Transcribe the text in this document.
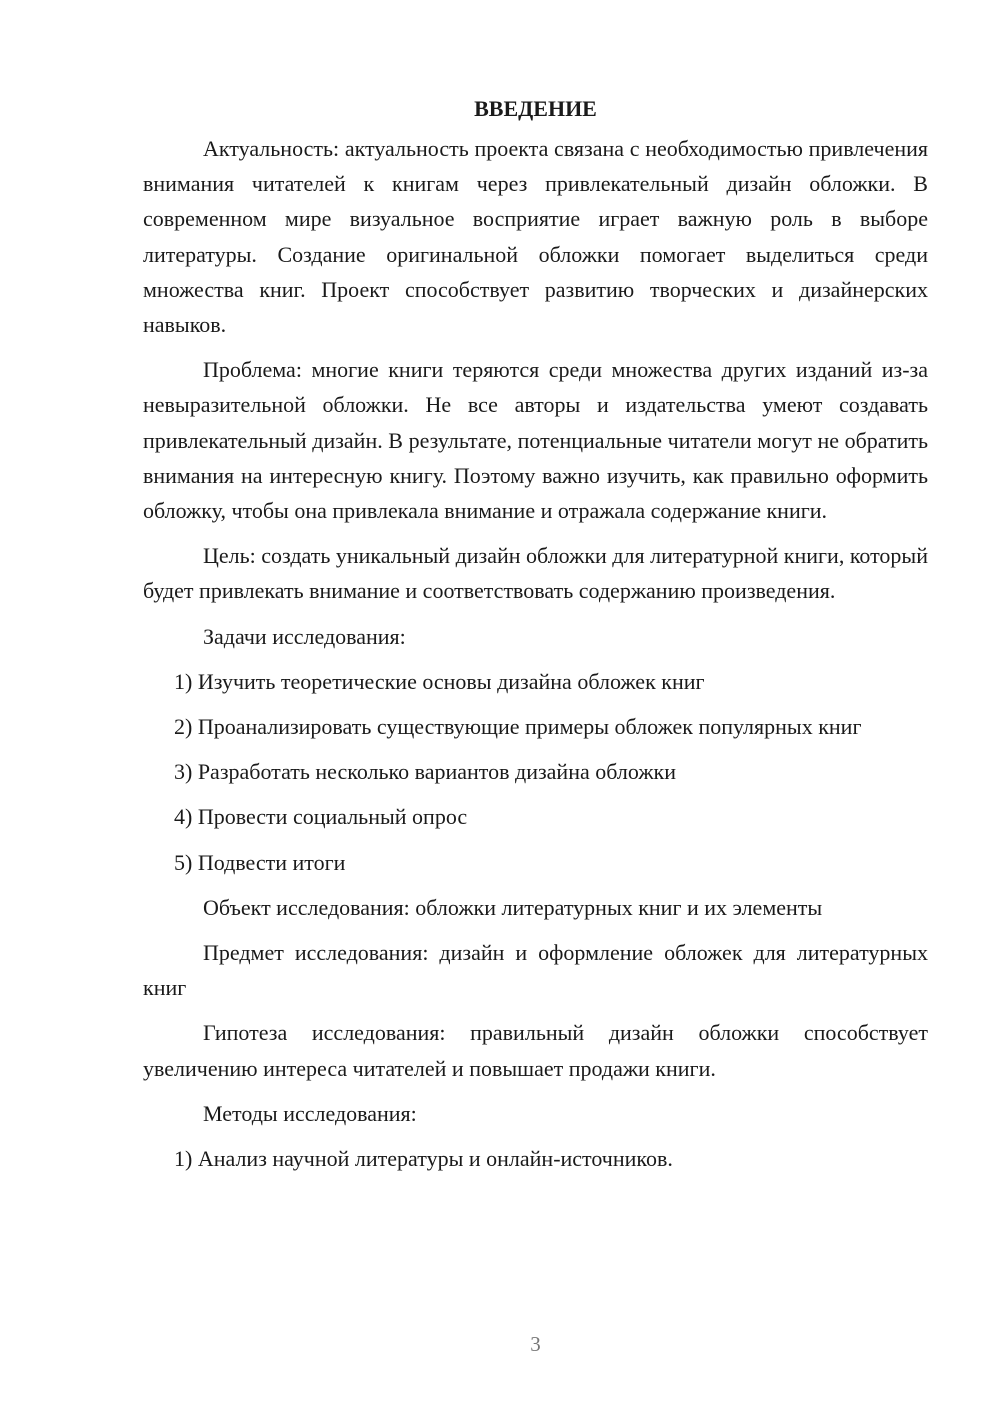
ВВЕДЕНИЕ

Актуальность: актуальность проекта связана с необходимостью привлечения внимания читателей к книгам через привлекательный дизайн обложки. В современном мире визуальное восприятие играет важную роль в выборе литературы. Создание оригинальной обложки помогает выделиться среди множества книг. Проект способствует развитию творческих и дизайнерских навыков.

Проблема: многие книги теряются среди множества других изданий из-за невыразительной обложки. Не все авторы и издательства умеют создавать привлекательный дизайн. В результате, потенциальные читатели могут не обратить внимания на интересную книгу. Поэтому важно изучить, как правильно оформить обложку, чтобы она привлекала внимание и отражала содержание книги.

Цель: создать уникальный дизайн обложки для литературной книги, который будет привлекать внимание и соответствовать содержанию произведения.

Задачи исследования:

1) Изучить теоретические основы дизайна обложек книг

2) Проанализировать существующие примеры обложек популярных книг

3) Разработать несколько вариантов дизайна обложки

4) Провести социальный опрос

5) Подвести итоги

Объект исследования: обложки литературных книг и их элементы

Предмет исследования: дизайн и оформление обложек для литературных книг

Гипотеза исследования: правильный дизайн обложки способствует увеличению интереса читателей и повышает продажи книги.

Методы исследования:

1) Анализ научной литературы и онлайн-источников.

3
